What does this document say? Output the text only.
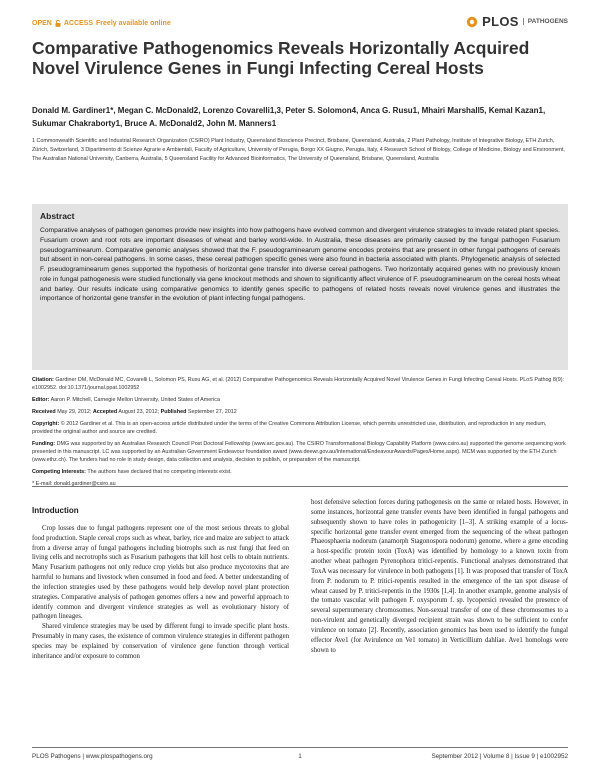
OPEN ACCESS Freely available online	PLOS	PATHOGENS
Comparative Pathogenomics Reveals Horizontally Acquired Novel Virulence Genes in Fungi Infecting Cereal Hosts
Donald M. Gardiner1*, Megan C. McDonald2, Lorenzo Covarelli1,3, Peter S. Solomon4, Anca G. Rusu1, Mhairi Marshall5, Kemal Kazan1, Sukumar Chakraborty1, Bruce A. McDonald2, John M. Manners1
1 Commonwealth Scientific and Industrial Research Organization (CSIRO) Plant Industry, Queensland Bioscience Precinct, Brisbane, Queensland, Australia, 2 Plant Pathology, Institute of Integrative Biology, ETH Zurich, Zürich, Switzerland, 3 Dipartimento di Scienze Agrarie e Ambientali, Faculty of Agriculture, University of Perugia, Borgo XX Giugno, Perugia, Italy, 4 Research School of Biology, College of Medicine, Biology and Environment, The Australian National University, Canberra, Australia, 5 Queensland Facility for Advanced Bioinformatics, The University of Queensland, Brisbane, Queensland, Australia
Abstract
Comparative analyses of pathogen genomes provide new insights into how pathogens have evolved common and divergent virulence strategies to invade related plant species. Fusarium crown and root rots are important diseases of wheat and barley world-wide. In Australia, these diseases are primarily caused by the fungal pathogen Fusarium pseudograminearum. Comparative genomic analyses showed that the F. pseudograminearum genome encodes proteins that are present in other fungal pathogens of cereals but absent in non-cereal pathogens. In some cases, these cereal pathogen specific genes were also found in bacteria associated with plants. Phylogenetic analysis of selected F. pseudograminearum genes supported the hypothesis of horizontal gene transfer into diverse cereal pathogens. Two horizontally acquired genes with no previously known role in fungal pathogenesis were studied functionally via gene knockout methods and shown to significantly affect virulence of F. pseudograminearum on the cereal hosts wheat and barley. Our results indicate using comparative genomics to identify genes specific to pathogens of related hosts reveals novel virulence genes and illustrates the importance of horizontal gene transfer in the evolution of plant infecting fungal pathogens.

Citation: Gardiner DM, McDonald MC, Covarelli L, Solomon PS, Rusu AG, et al. (2012) Comparative Pathogenomics Reveals Horizontally Acquired Novel Virulence Genes in Fungi Infecting Cereal Hosts. PLoS Pathog 8(9): e1002952. doi:10.1371/journal.ppat.1002952

Editor: Aaron P. Mitchell, Carnegie Mellon University, United States of America

Received May 29, 2012; Accepted August 23, 2012; Published September 27, 2012

Copyright: © 2012 Gardiner et al. This is an open-access article distributed under the terms of the Creative Commons Attribution License, which permits unrestricted use, distribution, and reproduction in any medium, provided the original author and source are credited.

Funding: DMG was supported by an Australian Research Council Post Doctoral Fellowship (www.arc.gov.au). The CSIRO Transformational Biology Capability Platform (www.csiro.au) supported the genome sequencing work presented in this manuscript. LC was supported by an Australian Government Endeavour foundation award (www.deewr.gov.au/International/EndeavourAwards/Pages/Home.aspx). MCM was supported by the ETH Zurich (www.ethz.ch). The funders had no role in study design, data collection and analysis, decision to publish, or preparation of the manuscript.

Competing Interests: The authors have declared that no competing interests exist.

* E-mail: donald.gardiner@csiro.au

Introduction

Crop losses due to fungal pathogens represent one of the most serious threats to global food production. Staple cereal crops such as wheat, barley, rice and maize are subject to attack from a diverse array of fungal pathogens including biotrophs such as rust fungi that feed on living cells and necrotrophs such as Fusarium pathogens that kill host cells to obtain nutrients. Many Fusarium pathogens not only reduce crop yields but also produce mycotoxins that are harmful to humans and livestock when consumed in food and feed. A better understanding of the infection strategies used by these pathogens would help develop novel plant protection strategies. Comparative analysis of pathogen genomes offers a new and powerful approach to identify common and divergent virulence strategies as well as evolutionary history of pathogen lineages.

Shared virulence strategies may be used by different fungi to invade specific plant hosts. Presumably in many cases, the existence of common virulence strategies in different pathogen species may be explained by conservation of virulence gene function through vertical inheritance and/or exposure to common

host defensive selection forces during pathogenesis on the same or related hosts. However, in some instances, horizontal gene transfer events have been identified in fungal pathogens and subsequently shown to have roles in pathogenicity [1–3]. A striking example of a locus-specific horizontal gene transfer event emerged from the sequencing of the wheat pathogen Phaeosphaeria nodorum (anamorph Stagonospora nodorum) genome, where a gene encoding a host-specific protein toxin (ToxA) was identified by homology to a known toxin from another wheat pathogen Pyrenophora tritici-repentis. Functional analyses demonstrated that ToxA was necessary for virulence in both pathogens [1]. It was proposed that transfer of ToxA from P. nodorum to P. tritici-repentis resulted in the emergence of the tan spot disease of wheat caused by P. tritici-repentis in the 1930s [1,4]. In another example, genome analysis of the tomato vascular wilt pathogen F. oxysporum f. sp. lycopersici revealed the presence of several supernumerary chromosomes. Non-sexual transfer of one of these chromosomes to a non-virulent and genetically diverged recipient strain was shown to be sufficient to confer virulence on tomato [2]. Recently, association genomics has been used to identify the fungal effector Ave1 (for Avirulence on Ve1 tomato) in Verticillium dahliae. Ave1 homologs were shown to

PLOS Pathogens | www.plospathogens.org	1	September 2012 | Volume 8 | Issue 9 | e1002952
